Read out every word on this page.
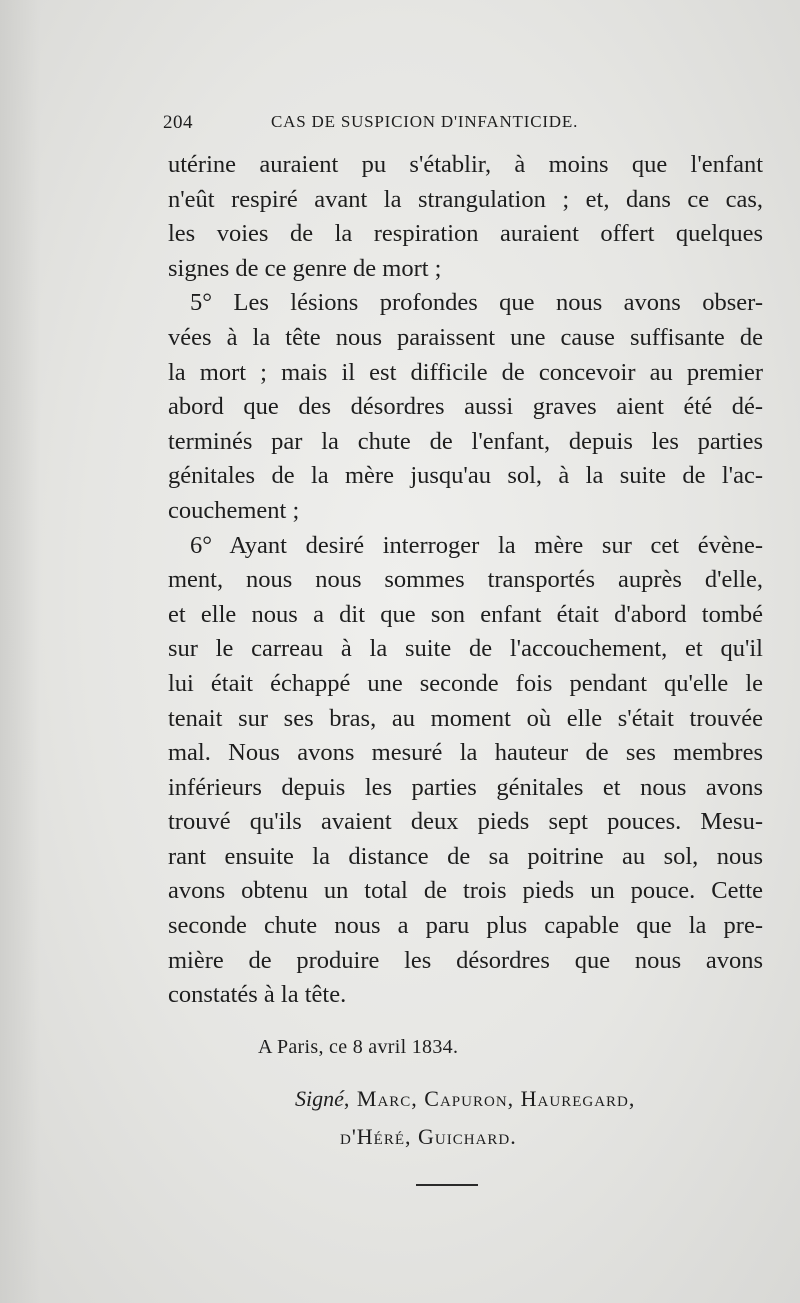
204	CAS DE SUSPICION D'INFANTICIDE.
utérine auraient pu s'établir, à moins que l'enfant
n'eût respiré avant la strangulation ; et, dans ce cas,
les voies de la respiration auraient offert quelques
signes de ce genre de mort ;
5° Les lésions profondes que nous avons obser-
vées à la tête nous paraissent une cause suffisante de
la mort ; mais il est difficile de concevoir au premier
abord que des désordres aussi graves aient été dé-
terminés par la chute de l'enfant, depuis les parties
génitales de la mère jusqu'au sol, à la suite de l'ac-
couchement ;
6° Ayant desiré interroger la mère sur cet évène-
ment, nous nous sommes transportés auprès d'elle,
et elle nous a dit que son enfant était d'abord tombé
sur le carreau à la suite de l'accouchement, et qu'il
lui était échappé une seconde fois pendant qu'elle le
tenait sur ses bras, au moment où elle s'était trouvée
mal. Nous avons mesuré la hauteur de ses membres
inférieurs depuis les parties génitales et nous avons
trouvé qu'ils avaient deux pieds sept pouces. Mesu-
rant ensuite la distance de sa poitrine au sol, nous
avons obtenu un total de trois pieds un pouce. Cette
seconde chute nous a paru plus capable que la pre-
mière de produire les désordres que nous avons
constatés à la tête.
A Paris, ce 8 avril 1834.
Signé, Marc, Capuron, Hauregard,
d'Héré, Guichard.
